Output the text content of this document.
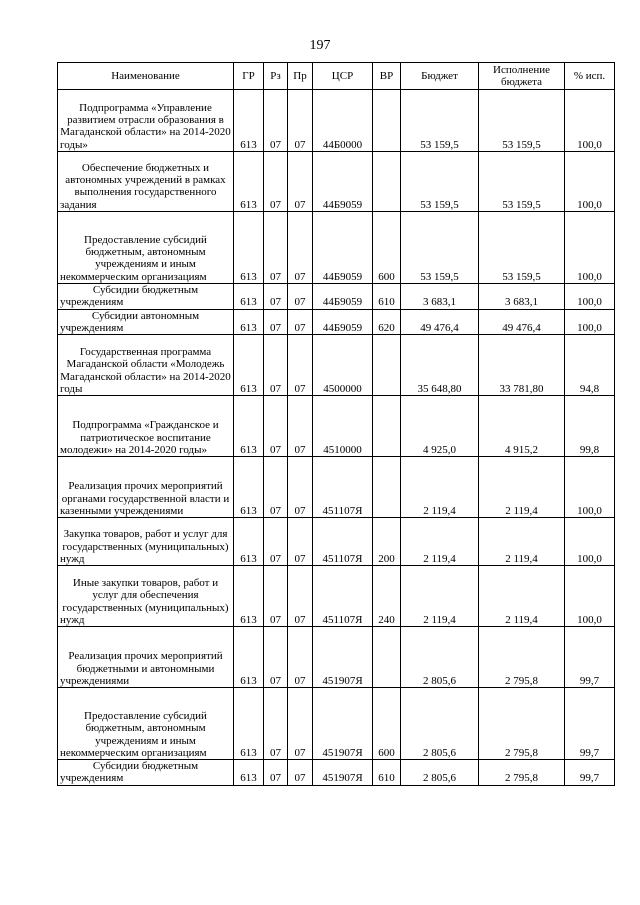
197
Наименование	ГР	Рз	Пр	ЦСР	ВР	Бюджет	Исполнение бюджета	% исп.
Подпрограмма «Управление развитием отрасли образования в Магаданской области» на 2014-2020 годы»	613	07	07	44Б0000		53 159,5	53 159,5	100,0
Обеспечение бюджетных и автономных учреждений в рамках выполнения государственного задания	613	07	07	44Б9059		53 159,5	53 159,5	100,0
Предоставление субсидий бюджетным, автономным учреждениям и иным некоммерческим организациям	613	07	07	44Б9059	600	53 159,5	53 159,5	100,0
Субсидии бюджетным учреждениям	613	07	07	44Б9059	610	3 683,1	3 683,1	100,0
Субсидии автономным учреждениям	613	07	07	44Б9059	620	49 476,4	49 476,4	100,0
Государственная программа Магаданской области «Молодежь Магаданской области» на 2014-2020 годы	613	07	07	4500000		35 648,80	33 781,80	94,8
Подпрограмма «Гражданское и патриотическое воспитание молодежи» на 2014-2020 годы»	613	07	07	4510000		4 925,0	4 915,2	99,8
Реализация прочих мероприятий органами государственной власти и казенными учреждениями	613	07	07	451107Я		2 119,4	2 119,4	100,0
Закупка товаров, работ и услуг для государственных (муниципальных) нужд	613	07	07	451107Я	200	2 119,4	2 119,4	100,0
Иные закупки товаров, работ и услуг для обеспечения государственных (муниципальных) нужд	613	07	07	451107Я	240	2 119,4	2 119,4	100,0
Реализация прочих мероприятий бюджетными и автономными учреждениями	613	07	07	451907Я		2 805,6	2 795,8	99,7
Предоставление субсидий бюджетным, автономным учреждениям и иным некоммерческим организациям	613	07	07	451907Я	600	2 805,6	2 795,8	99,7
Субсидии бюджетным учреждениям	613	07	07	451907Я	610	2 805,6	2 795,8	99,7
